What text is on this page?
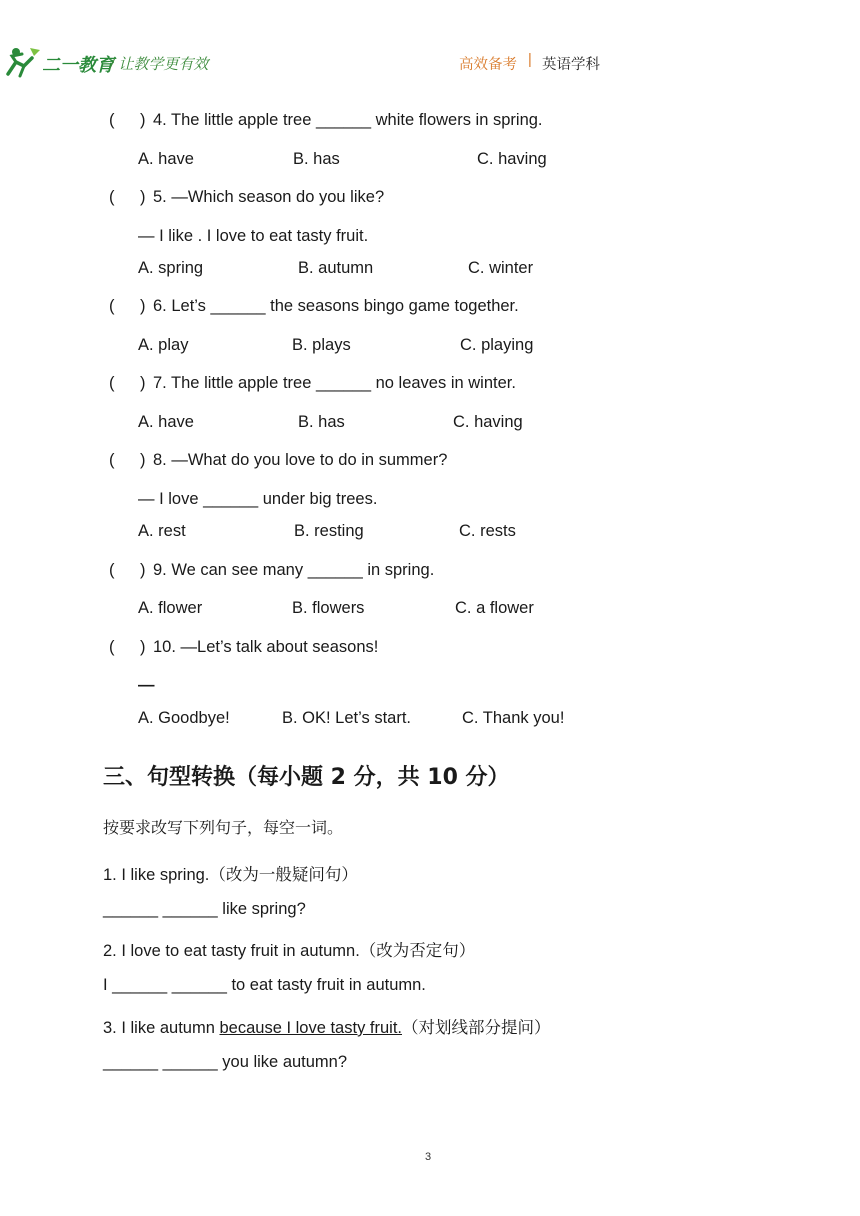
二一教育
/ 让教学更有效	高效备考 | 英语学科
( ) 4. The little apple tree ______ white flowers in spring.
A. have	B. has	C. having
( ) 5. —Which season do you like?
— I like . I love to eat tasty fruit.
A. spring	B. autumn	C. winter
( ) 6. Let’s ______ the seasons bingo game together.
A. play	B. plays	C. playing
( ) 7. The little apple tree ______ no leaves in winter.
A. have	B. has	C. having
( ) 8. —What do you love to do in summer?
— I love ______ under big trees.
A. rest	B. resting	C. rests
( ) 9. We can see many ______ in spring.
A. flower	B. flowers	C. a flower
( ) 10. —Let’s talk about seasons!
—
A. Goodbye!	B. OK! Let’s start.	C. Thank you!
三、句型转换（每小题 2 分，共 10 分）
按要求改写下列句子，每空一词。
1. I like spring.（改为一般疑问句）
______ ______ like spring?
2. I love to eat tasty fruit in autumn.（改为否定句）
I ______ ______ to eat tasty fruit in autumn.
3. I like autumn because I love tasty fruit.（对划线部分提问）
______ ______ you like autumn?
3
